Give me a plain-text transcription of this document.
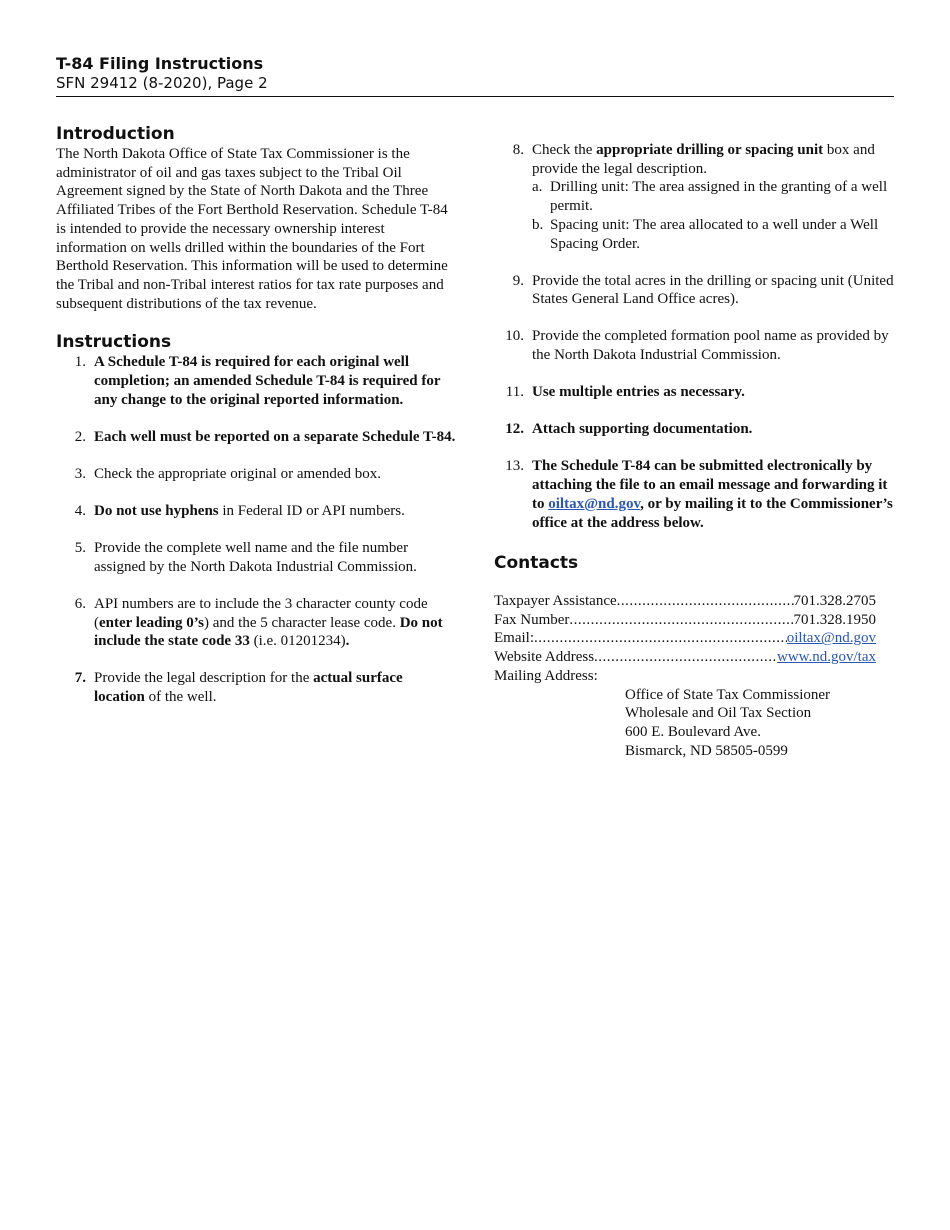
T-84 Filing Instructions
SFN 29412 (8-2020), Page 2
Introduction

The North Dakota Office of State Tax Commissioner is the administrator of oil and gas taxes subject to the Tribal Oil Agreement signed by the State of North Dakota and the Three Affiliated Tribes of the Fort Berthold Reservation. Schedule T-84 is intended to provide the necessary ownership interest information on wells drilled within the boundaries of the Fort Berthold Reservation. This information will be used to determine the Tribal and non-Tribal interest ratios for tax rate purposes and subsequent distributions of the tax revenue.

Instructions
1. A Schedule T-84 is required for each original well completion; an amended Schedule T-84 is required for any change to the original reported information.
2. Each well must be reported on a separate Schedule T-84.
3. Check the appropriate original or amended box.
4. Do not use hyphens in Federal ID or API numbers.
5. Provide the complete well name and the file number assigned by the North Dakota Industrial Commission.
6. API numbers are to include the 3 character county code (enter leading 0’s) and the 5 character lease code. Do not include the state code 33 (i.e. 01201234).
7. Provide the legal description for the actual surface location of the well.
8. Check the appropriate drilling or spacing unit box and provide the legal description.
a. Drilling unit: The area assigned in the granting of a well permit.
b. Spacing unit: The area allocated to a well under a Well Spacing Order.
9. Provide the total acres in the drilling or spacing unit (United States General Land Office acres).
10. Provide the completed formation pool name as provided by the North Dakota Industrial Commission.
11. Use multiple entries as necessary.
12. Attach supporting documentation.
13. The Schedule T-84 can be submitted electronically by attaching the file to an email message and forwarding it to oiltax@nd.gov, or by mailing it to the Commissioner’s office at the address below.
Contacts
Taxpayer Assistance .....	701.328.2705
Fax Number .....	701.328.1950
Email: .....	oiltax@nd.gov
Website Address .....	www.nd.gov/tax
Mailing Address:
Office of State Tax Commissioner
Wholesale and Oil Tax Section
600 E. Boulevard Ave.
Bismarck, ND 58505-0599
